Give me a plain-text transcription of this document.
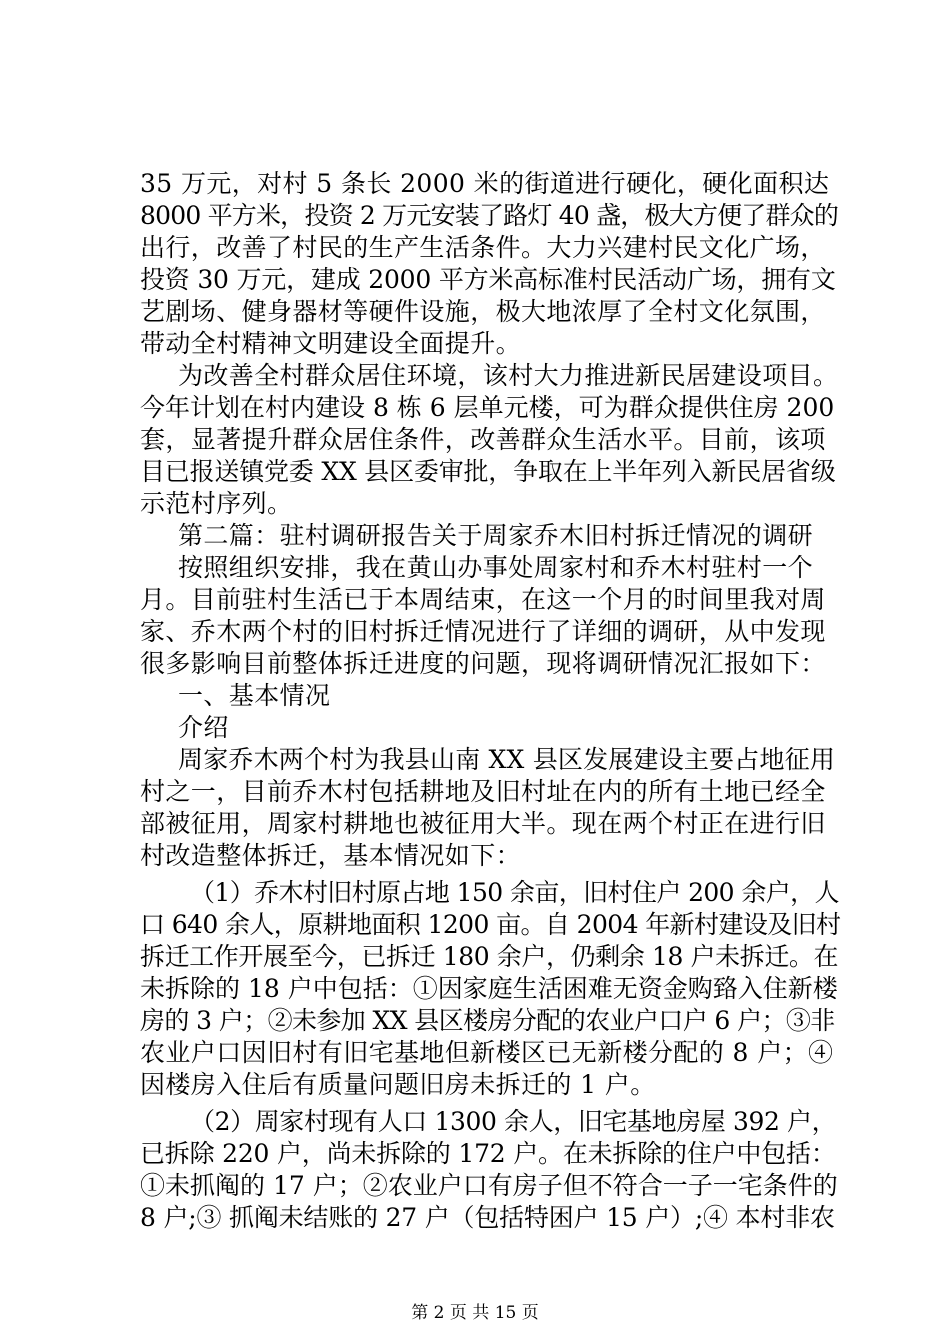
35 万元，对村 5 条长 2000 米的街道进行硬化，硬化面积达
8000 平方米，投资 2 万元安装了路灯 40 盏，极大方便了群众的
出行，改善了村民的生产生活条件。大力兴建村民文化广场，
投资 30 万元，建成 2000 平方米高标准村民活动广场，拥有文
艺剧场、健身器材等硬件设施，极大地浓厚了全村文化氛围，
带动全村精神文明建设全面提升。
为改善全村群众居住环境，该村大力推进新民居建设项目。
今年计划在村内建设 8 栋 6 层单元楼，可为群众提供住房 200
套，显著提升群众居住条件，改善群众生活水平。目前，该项
目已报送镇党委 XX 县区委审批，争取在上半年列入新民居省级
示范村序列。
第二篇：驻村调研报告关于周家乔木旧村拆迁情况的调研
按照组织安排，我在黄山办事处周家村和乔木村驻村一个
月。目前驻村生活已于本周结束，在这一个月的时间里我对周
家、乔木两个村的旧村拆迁情况进行了详细的调研，从中发现
很多影响目前整体拆迁进度的问题，现将调研情况汇报如下：
一、基本情况
介绍
周家乔木两个村为我县山南 XX 县区发展建设主要占地征用
村之一，目前乔木村包括耕地及旧村址在内的所有土地已经全
部被征用，周家村耕地也被征用大半。现在两个村正在进行旧
村改造整体拆迁，基本情况如下：
（1）乔木村旧村原占地 150 余亩，旧村住户 200 余户，人
口 640 余人，原耕地面积 1200 亩。自 2004 年新村建设及旧村
拆迁工作开展至今，已拆迁 180 余户，仍剩余 18 户未拆迁。在
未拆除的 18 户中包括：①因家庭生活困难无资金购臵入住新楼
房的 3 户；②未参加 XX 县区楼房分配的农业户口户 6 户；③非
农业户口因旧村有旧宅基地但新楼区已无新楼分配的 8 户；④
因楼房入住后有质量问题旧房未拆迁的 1 户。
（2）周家村现有人口 1300 余人，旧宅基地房屋 392 户，
已拆除 220 户，尚未拆除的 172 户。在未拆除的住户中包括：
①未抓阄的 17 户；②农业户口有房子但不符合一子一宅条件的
8 户;③ 抓阄未结账的 27 户（包括特困户 15 户）;④ 本村非农
第 2 页 共 15 页
